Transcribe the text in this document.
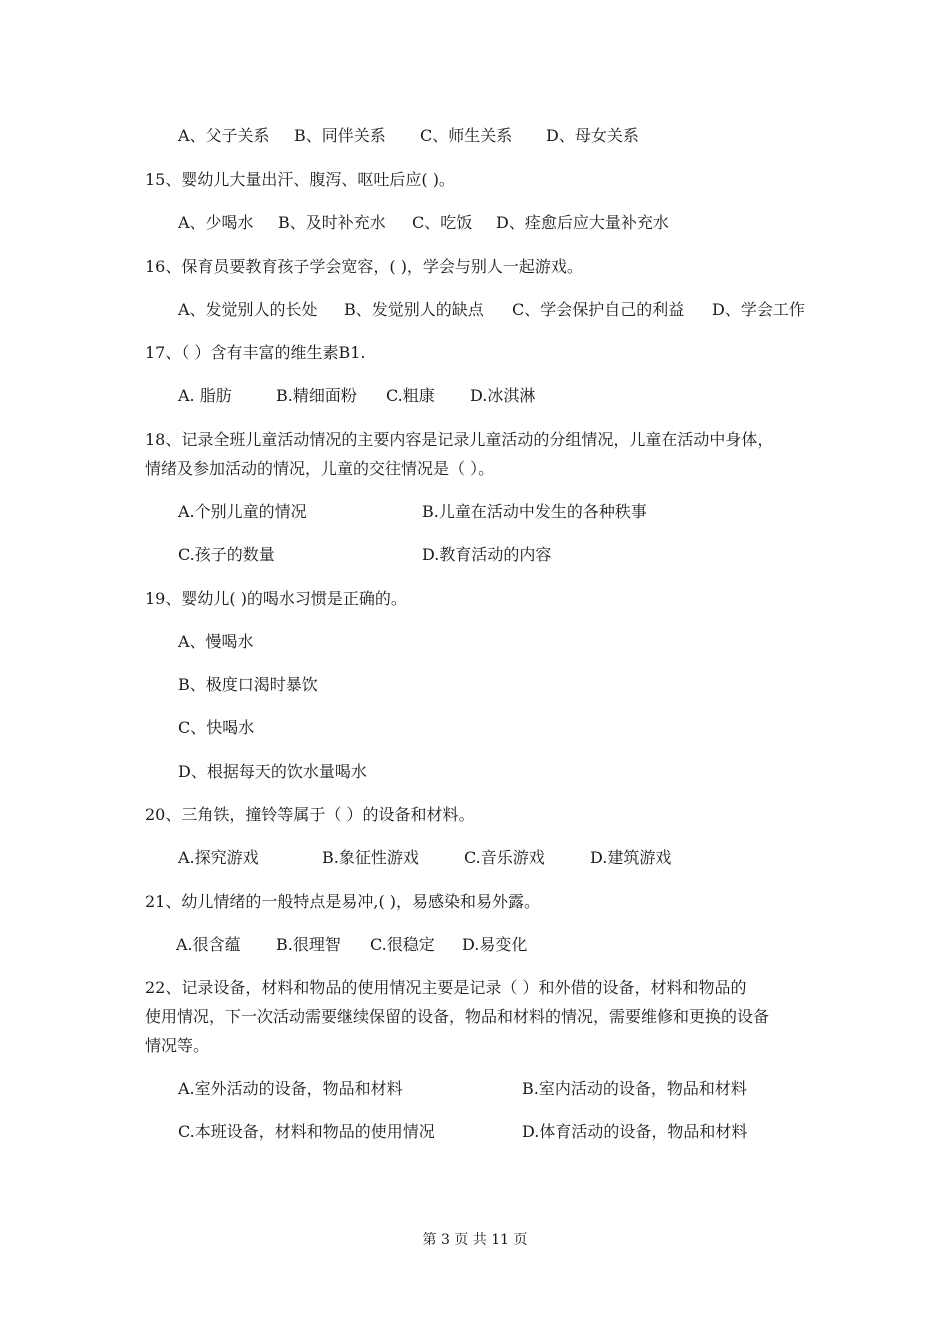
A、父子关系 B、同伴关系 C、师生关系 D、母女关系
15、婴幼儿大量出汗、腹泻、呕吐后应( )。
A、少喝水 B、及时补充水 C、吃饭 D、痊愈后应大量补充水
16、保育员要教育孩子学会宽容，( )，学会与别人一起游戏。
A、发觉别人的长处 B、发觉别人的缺点 C、学会保护自己的利益 D、学会工作
17、（ ）含有丰富的维生素B1.
A. 脂肪	B.精细面粉 C.粗康 D.冰淇淋
18、记录全班儿童活动情况的主要内容是记录儿童活动的分组情况，儿童在活动中身体，
情绪及参加活动的情况，儿童的交往情况是（ ）。
A.个别儿童的情况	B.儿童在活动中发生的各种秩事
C.孩子的数量	D.教育活动的内容
19、婴幼儿( )的喝水习惯是正确的。
A、慢喝水
B、极度口渴时暴饮
C、快喝水
D、根据每天的饮水量喝水
20、三角铁，撞铃等属于（ ）的设备和材料。
A.探究游戏	B.象征性游戏	C.音乐游戏	D.建筑游戏
21、幼儿情绪的一般特点是易冲,( )，易感染和易外露。
A.很含蕴 B.很理智 C.很稳定 D.易变化
22、记录设备，材料和物品的使用情况主要是记录（ ）和外借的设备，材料和物品的
使用情况，下一次活动需要继续保留的设备，物品和材料的情况，需要维修和更换的设备
情况等。
A.室外活动的设备，物品和材料	B.室内活动的设备，物品和材料
C.本班设备，材料和物品的使用情况	D.体育活动的设备，物品和材料
第 3 页 共 11 页
